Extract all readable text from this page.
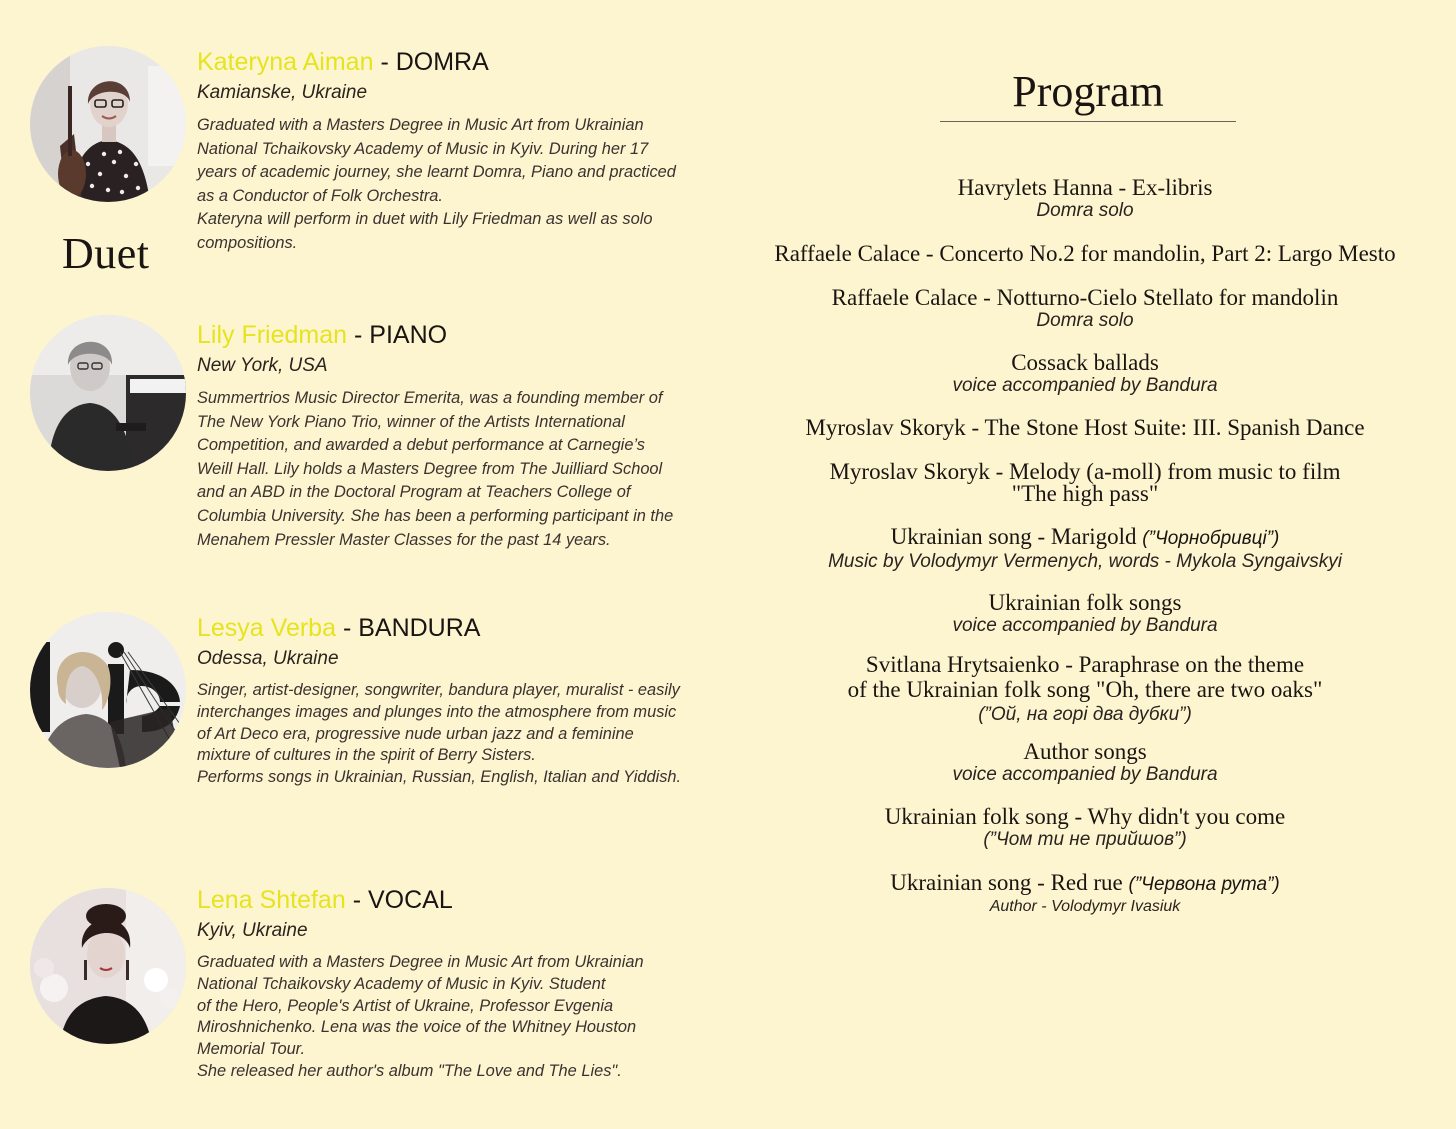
Duet
Kateryna Aiman - DOMRA
Kamianske, Ukraine

Graduated with a Masters Degree in Music Art from Ukrainian

National Tchaikovsky Academy of Music in Kyiv. During her 17

years of academic journey, she learnt Domra, Piano and practiced

as a Conductor of Folk Orchestra.

Kateryna will perform in duet with Lily Friedman as well as solo

compositions.

Lily Friedman - PIANO
New York, USA

Summertrios Music Director Emerita, was a founding member of

The New York Piano Trio, winner of the Artists International

Competition, and awarded a debut performance at Carnegie’s

Weill Hall. Lily holds a Masters Degree from The Juilliard School

and an ABD in the Doctoral Program at Teachers College of

Columbia University. She has been a performing participant in the

Menahem Pressler Master Classes for the past 14 years.

Lesya Verba - BANDURA
Odessa, Ukraine

Singer, artist-designer, songwriter, bandura player, muralist - easily

interchanges images and plunges into the atmosphere from music

of Art Deco era, progressive nude urban jazz and a feminine

mixture of cultures in the spirit of Berry Sisters.

Performs songs in Ukrainian, Russian, English, Italian and Yiddish.

Lena Shtefan - VOCAL
Kyiv, Ukraine

Graduated with a Masters Degree in Music Art from Ukrainian

National Tchaikovsky Academy of Music in Kyiv. Student

of the Hero, People's Artist of Ukraine, Professor Evgenia

Miroshnichenko. Lena was the voice of the Whitney Houston

Memorial Tour.

She released her author's album "The Love and The Lies".

Program
Havrylets Hanna - Ex-libris
Domra solo
Raffaele Calace - Concerto No.2 for mandolin, Part 2: Largo Mesto
Raffaele Calace - Notturno-Cielo Stellato for mandolin
Domra solo
Cossack ballads
voice accompanied by Bandura
Myroslav Skoryk - The Stone Host Suite: III. Spanish Dance
Myroslav Skoryk - Melody (a-moll) from music to film
"The high pass"
Ukrainian song - Marigold (”Чорнобривці”)
Music by Volodymyr Vermenych, words - Mykola Syngaivskyi
Ukrainian folk songs
voice accompanied by Bandura
Svitlana Hrytsaienko - Paraphrase on the theme
of the Ukrainian folk song "Oh, there are two oaks"
(”Ой, на горі два дубки”)
Author songs
voice accompanied by Bandura
Ukrainian folk song - Why didn't you come
(”Чом ти не прийшов”)
Ukrainian song - Red rue (”Червона рута”)
Author - Volodymyr Ivasiuk
